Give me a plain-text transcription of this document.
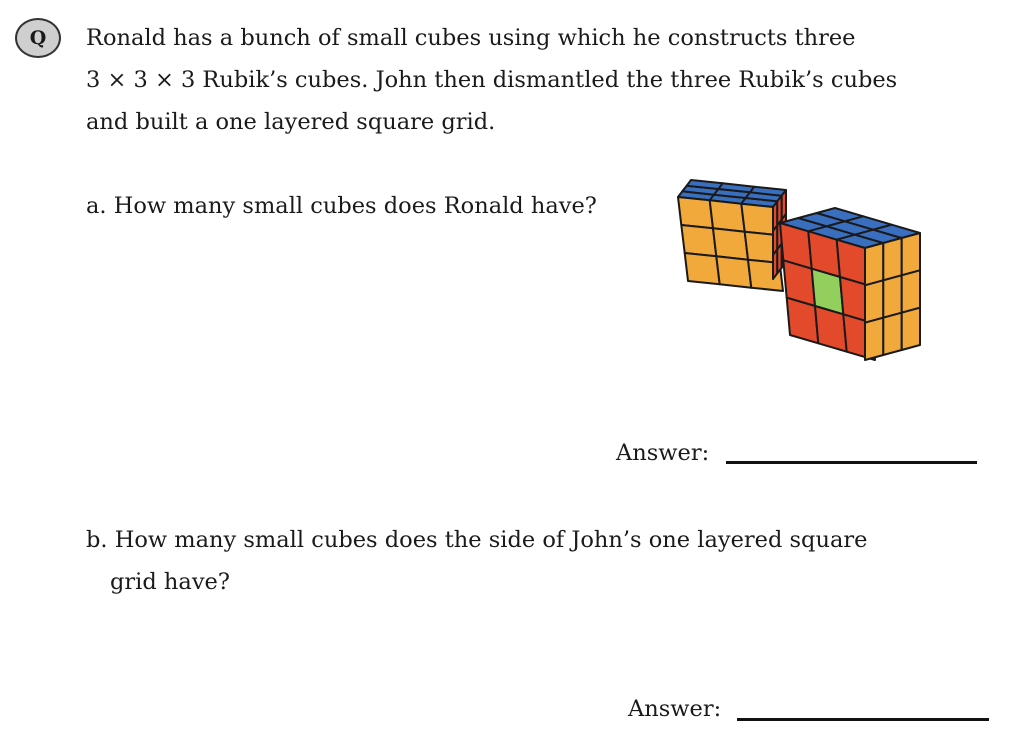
Q Ronald has a bunch of small cubes using which he constructs three
3 × 3 × 3 Rubik’s cubes. John then dismantled the three Rubik’s cubes
and built a one layered square grid.
a. How many small cubes does Ronald have?
Answer:
b. How many small cubes does the side of John’s one layered square
grid have?
Answer:
